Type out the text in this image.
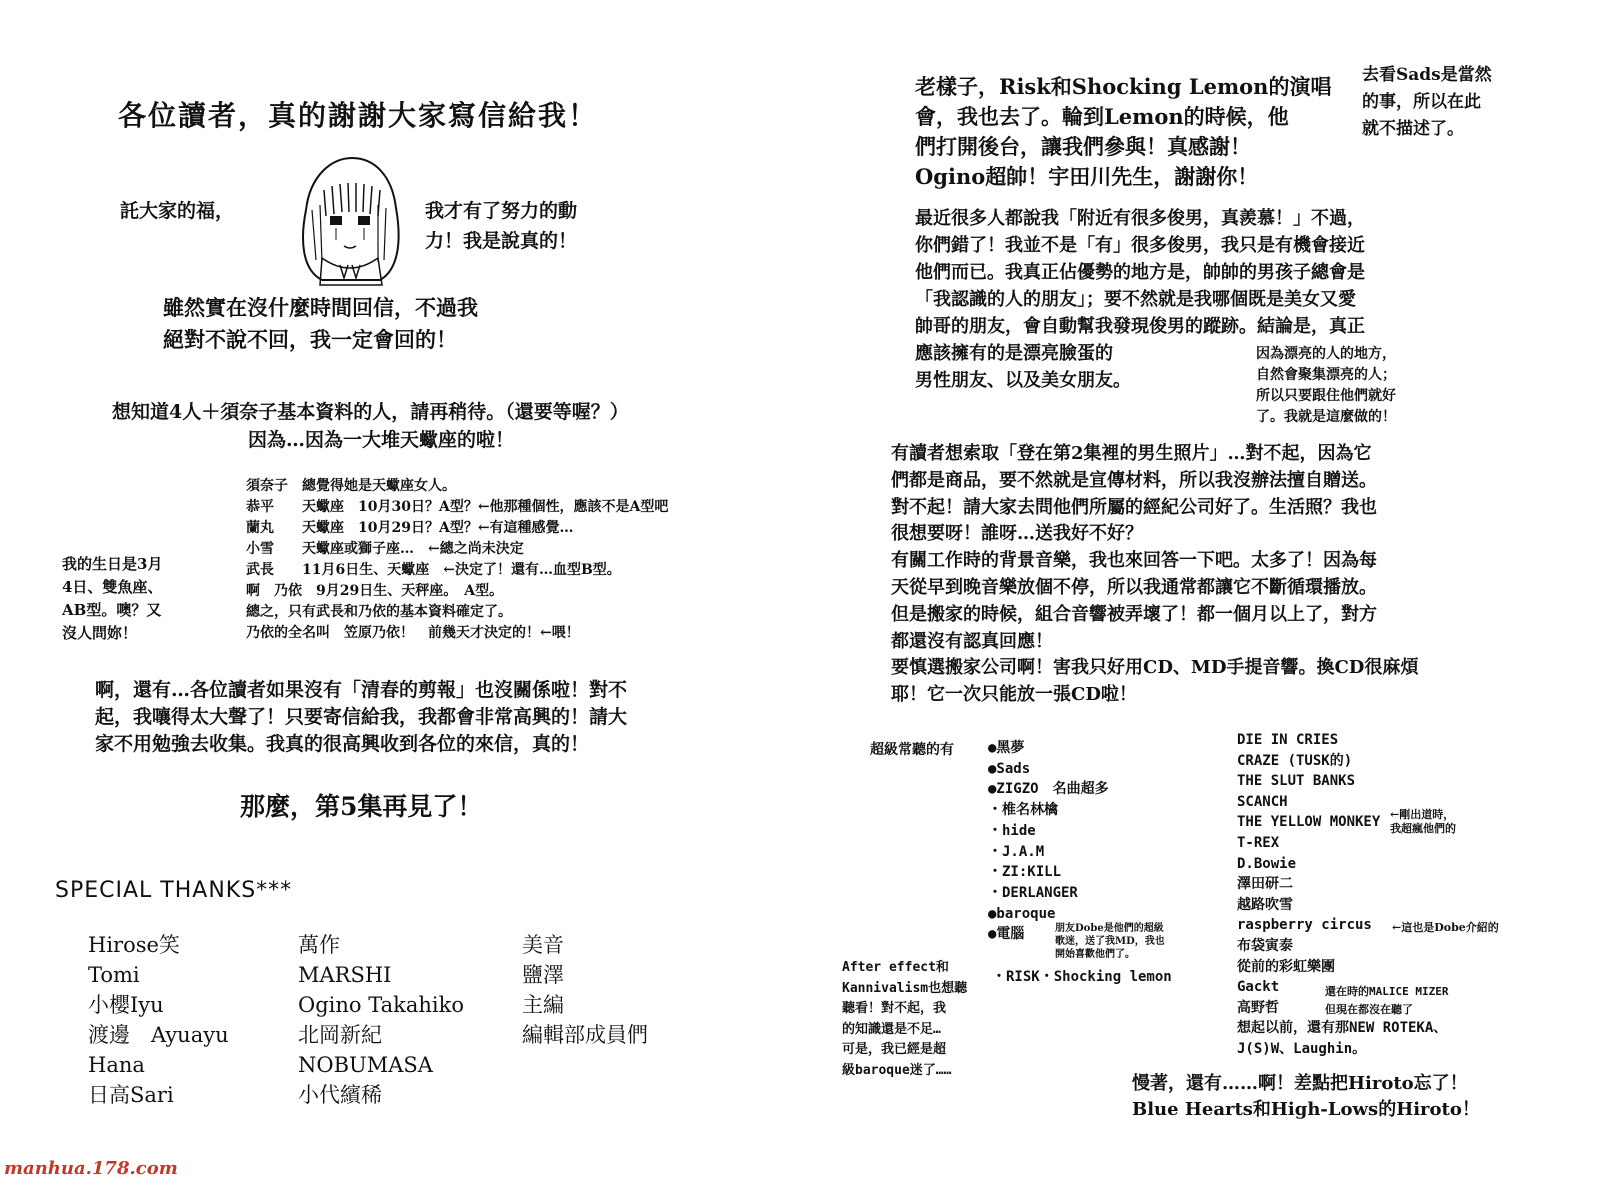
各位讀者，真的謝謝大家寫信給我！
託大家的福，	我才有了努力的動
力！我是說真的！
雖然實在沒什麼時間回信，不過我
絕對不說不回，我一定會回的！
想知道4人＋須奈子基本資料的人，請再稍待。（還要等喔？）
因為…因為一大堆天蠍座的啦！
須奈子　總覺得她是天蠍座女人。
恭平　　天蠍座　10月30日？A型？←他那種個性，應該不是A型吧
蘭丸　　天蠍座　10月29日？A型？←有這種感覺…
小雪　　天蠍座或獅子座…　←總之尚未決定
武長　　11月6日生、天蠍座　←決定了！還有…血型B型。
啊　乃依　9月29日生、天秤座。　A型。
總之，只有武長和乃依的基本資料確定了。
乃依的全名叫　笠原乃依！　前幾天才決定的！←喂！
我的生日是3月
4日、雙魚座、
AB型。噢？又
沒人問妳！
啊，還有…各位讀者如果沒有「清春的剪報」也沒關係啦！對不
起，我嚷得太大聲了！只要寄信給我，我都會非常高興的！請大
家不用勉強去收集。我真的很高興收到各位的來信，真的！
那麼，第5集再見了！
SPECIAL THANKS***
Hirose笑
Tomi
小櫻Iyu
渡邊　Ayuayu
Hana
日高Sari
萬作
MARSHI
Ogino Takahiko
北岡新紀
NOBUMASA
小代繽稀
美音
鹽澤
主編
編輯部成員們
manhua.178.com
老樣子，Risk和Shocking Lemon的演唱
會，我也去了。輪到Lemon的時候，他
們打開後台，讓我們參與！真感謝！
Ogino超帥！宇田川先生，謝謝你！
去看Sads是當然
的事，所以在此
就不描述了。
最近很多人都說我「附近有很多俊男，真羨慕！」不過，
你們錯了！我並不是「有」很多俊男，我只是有機會接近
他們而已。我真正佔優勢的地方是，帥帥的男孩子總會是
「我認識的人的朋友」；要不然就是我哪個既是美女又愛
帥哥的朋友，會自動幫我發現俊男的蹤跡。結論是，真正
應該擁有的是漂亮臉蛋的
男性朋友、以及美女朋友。
因為漂亮的人的地方，
自然會聚集漂亮的人；
所以只要跟住他們就好
了。我就是這麼做的！
有讀者想索取「登在第2集裡的男生照片」…對不起，因為它
們都是商品，要不然就是宣傳材料，所以我沒辦法擅自贈送。
對不起！請大家去問他們所屬的經紀公司好了。生活照？我也
很想要呀！誰呀…送我好不好？
有關工作時的背景音樂，我也來回答一下吧。太多了！因為每
天從早到晚音樂放個不停，所以我通常都讓它不斷循環播放。
但是搬家的時候，組合音響被弄壞了！都一個月以上了，對方
都還沒有認真回應！
要慎選搬家公司啊！害我只好用CD、MD手提音響。換CD很麻煩
耶！它一次只能放一張CD啦！
超級常聽的有 ●黑夢
●Sads
●ZIGZO　名曲超多
・椎名林檎
・hide
・J.A.M
・ZI:KILL
・DERLANGER
●baroque
●電腦	朋友Dobe是他們的超級
歌迷，送了我MD，我也
開始喜歡他們了。
・RISK・Shocking lemon
After effect和
Kannivalism也想聽
聽看！對不起，我
的知識還是不足…
可是，我已經是超
級baroque迷了……
DIE IN CRIES
CRAZE (TUSK的)
THE SLUT BANKS
SCANCH
THE YELLOW MONKEY
T-REX
D.Bowie
澤田研二
越路吹雪
raspberry circus
布袋寅泰
從前的彩虹樂團
Gackt
高野哲
想起以前，還有那NEW ROTEKA、
J(S)W、Laughin。
←剛出道時，
我超瘋他們的
←這也是Dobe介紹的
還在時的MALICE MIZER
但現在都沒在聽了
慢著，還有……啊！差點把Hiroto忘了！
Blue Hearts和High-Lows的Hiroto！
